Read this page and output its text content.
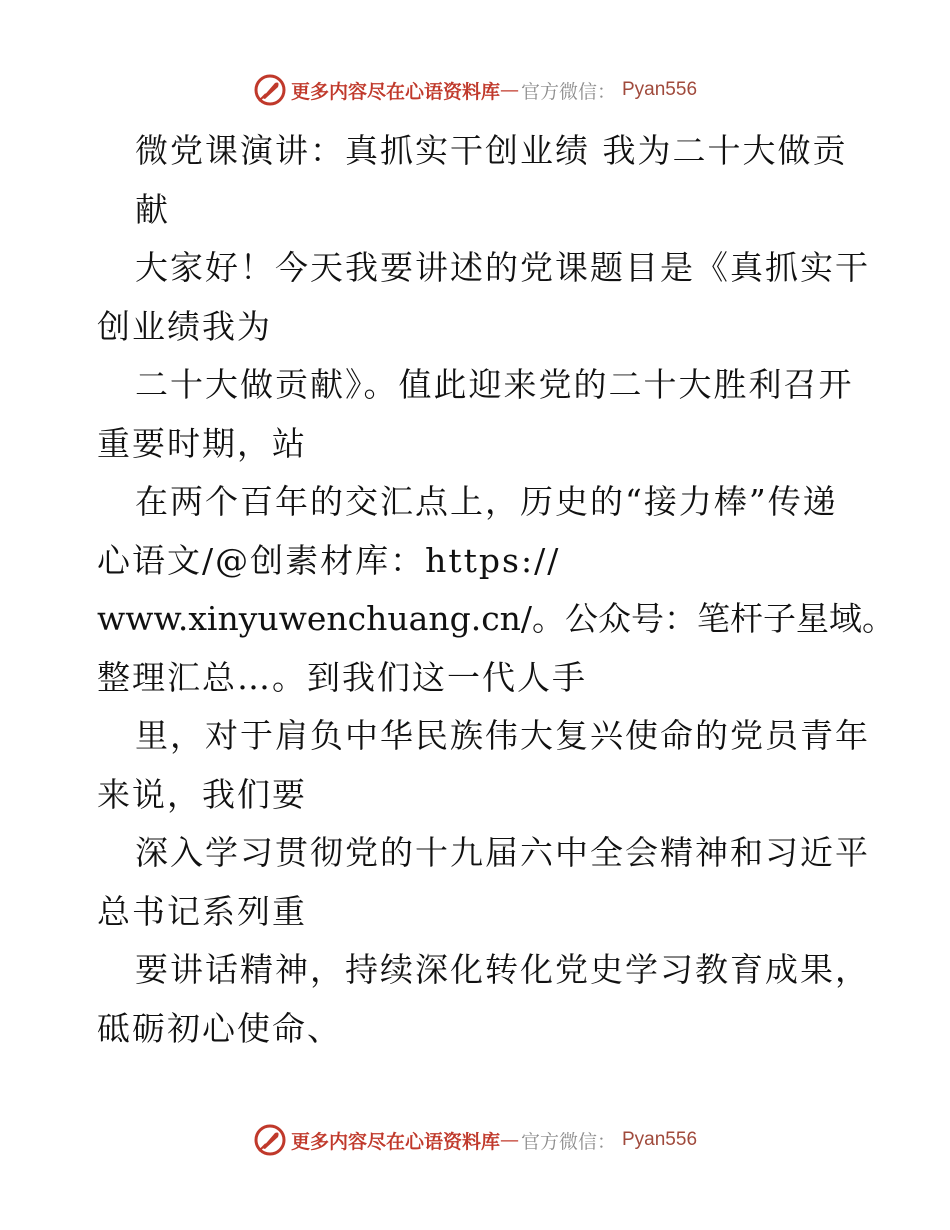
更多内容尽在心语资料库 — 官方微信： Pyan556
微党课演讲：真抓实干创业绩 我为二十大做贡
献
大家好！今天我要讲述的党课题目是《真抓实干
创业绩我为
二十大做贡献》。值此迎来党的二十大胜利召开
重要时期，站
在两个百年的交汇点上，历史的“接力棒”传递
心语文/@创素材库：https://
www.xinyuwenchuang.cn/。公众号：笔杆子星域。
整理汇总…。到我们这一代人手
里，对于肩负中华民族伟大复兴使命的党员青年
来说，我们要
深入学习贯彻党的十九届六中全会精神和习近平
总书记系列重
要讲话精神，持续深化转化党史学习教育成果，
砥砺初心使命、
更多内容尽在心语资料库 — 官方微信： Pyan556
